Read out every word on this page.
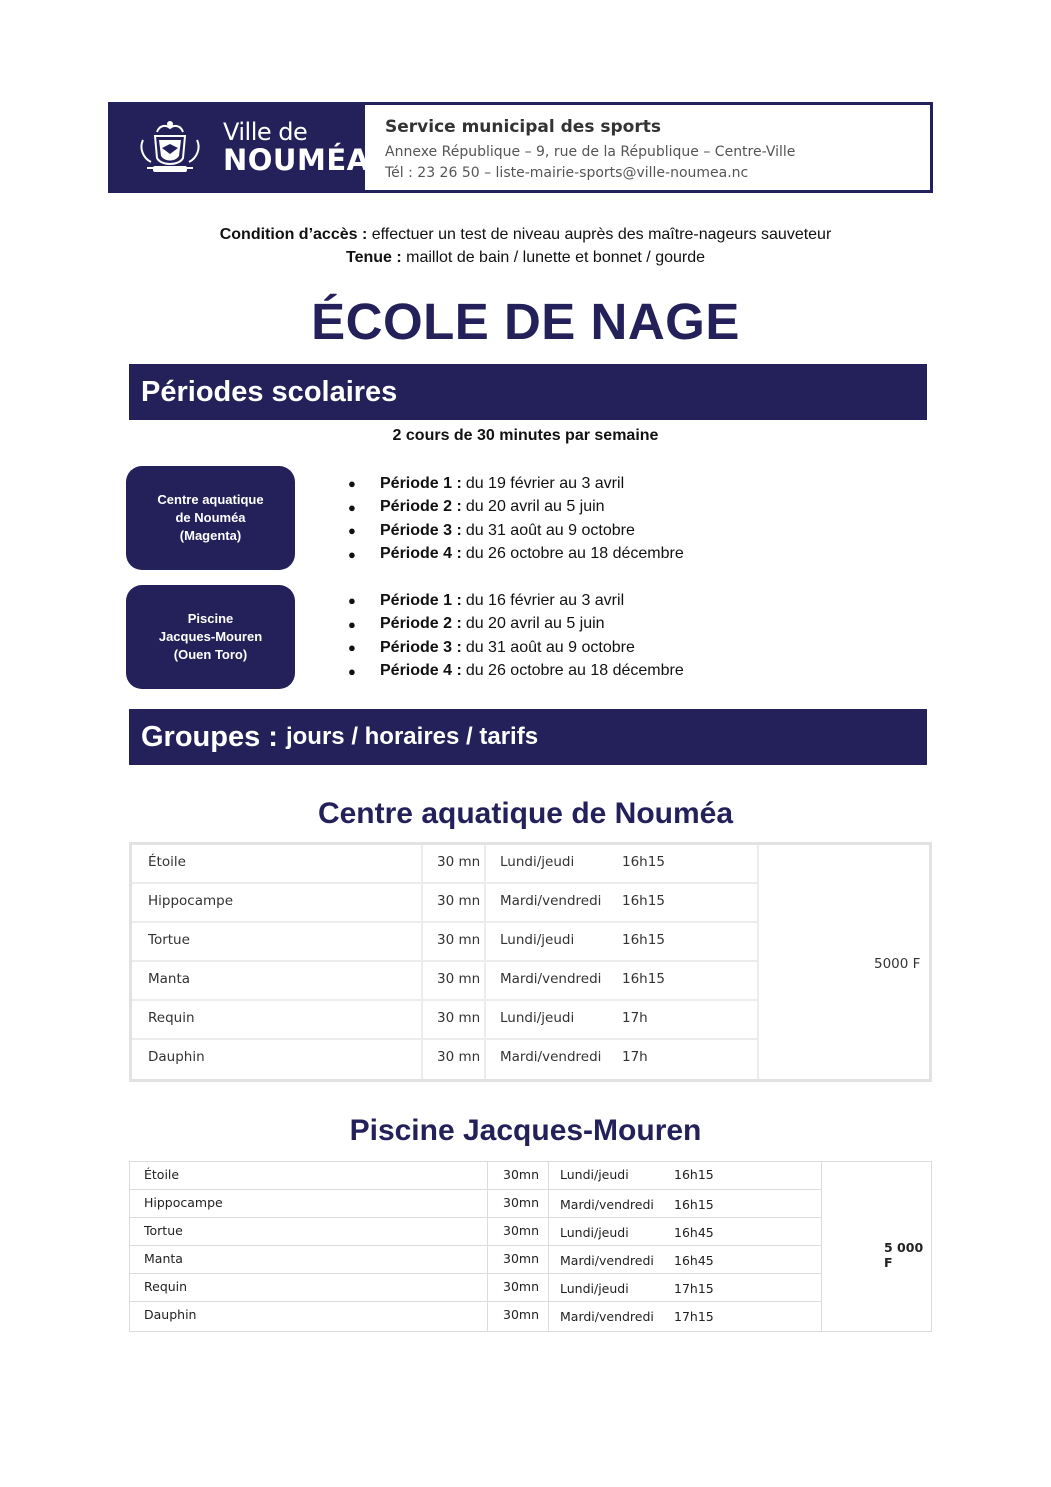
Ville de
NOUMÉA
Service municipal des sports
Annexe République – 9, rue de la République – Centre-Ville
Tél : 23 26 50 – liste-mairie-sports@ville-noumea.nc
Condition d’accès : effectuer un test de niveau auprès des maître-nageurs sauveteur
Tenue : maillot de bain / lunette et bonnet / gourde
ÉCOLE DE NAGE
Périodes scolaires
2 cours de 30 minutes par semaine
Centre aquatique
de Nouméa
(Magenta)
●	Période 1 : du 19 février au 3 avril
●	Période 2 : du 20 avril au 5 juin
●	Période 3 : du 31 août au 9 octobre
●	Période 4 : du 26 octobre au 18 décembre
Piscine
Jacques-Mouren
(Ouen Toro)
●	Période 1 : du 16 février au 3 avril
●	Période 2 : du 20 avril au 5 juin
●	Période 3 : du 31 août au 9 octobre
●	Période 4 : du 26 octobre au 18 décembre
Groupes : jours / horaires / tarifs
Centre aquatique de Nouméa
Étoile	30 mn Lundi/jeudi	16h15
Hippocampe	30 mn Mardi/vendredi 16h15
Tortue	30 mn Lundi/jeudi	16h15
Manta	30 mn Mardi/vendredi 16h15
Requin	30 mn Lundi/jeudi	17h
Dauphin	30 mn Mardi/vendredi 17h
5000 F
Piscine Jacques-Mouren
Étoile	30mn Lundi/jeudi	16h15
Hippocampe	30mn Mardi/vendredi 16h15
Tortue	30mn Lundi/jeudi	16h45
Manta	30mn Mardi/vendredi 16h45
Requin	30mn Lundi/jeudi	17h15
Dauphin	30mn Mardi/vendredi 17h15
5 000 F
